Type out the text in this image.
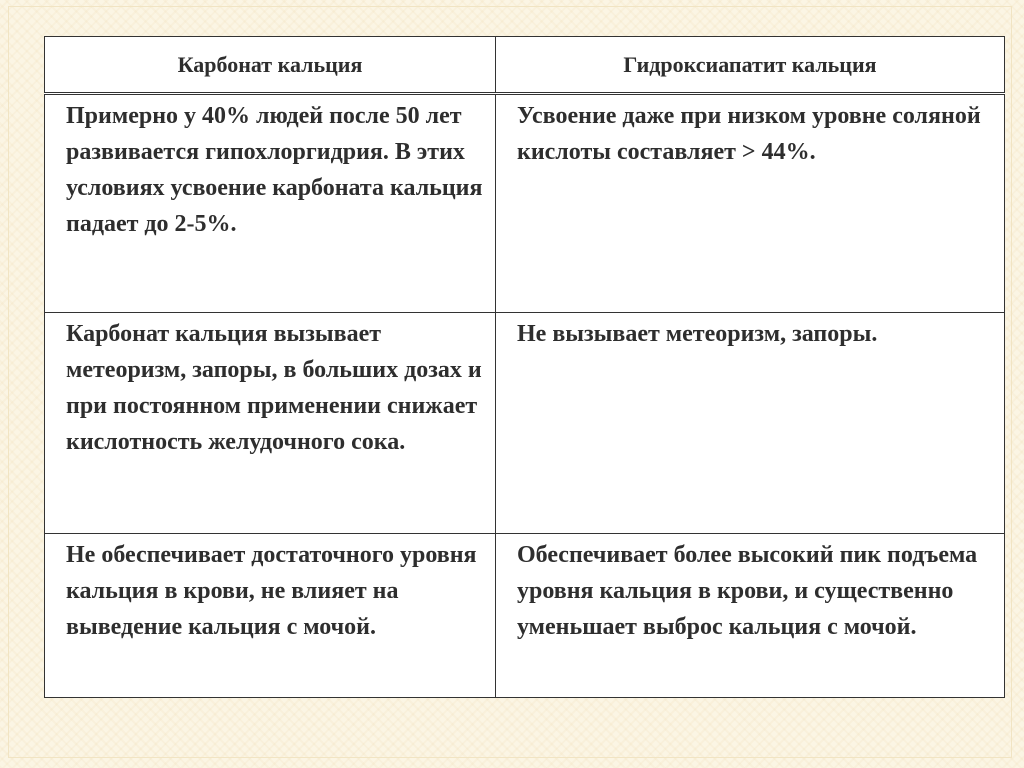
Карбонат кальция	Гидроксиапатит кальция
Примерно у 40% людей после 50 лет развивается гипохлоргидрия. В этих условиях усвоение карбоната кальция падает до 2-5%.	Усвоение даже при низком уровне соляной кислоты составляет > 44%.
Карбонат кальция вызывает метеоризм, запоры, в больших дозах и при постоянном применении снижает кислотность желудочного сока.	Не вызывает метеоризм, запоры.
Не обеспечивает достаточного уровня кальция в крови, не влияет на выведение кальция с мочой.	Обеспечивает более высокий пик подъема уровня кальция в крови, и существенно уменьшает выброс кальция с мочой.
